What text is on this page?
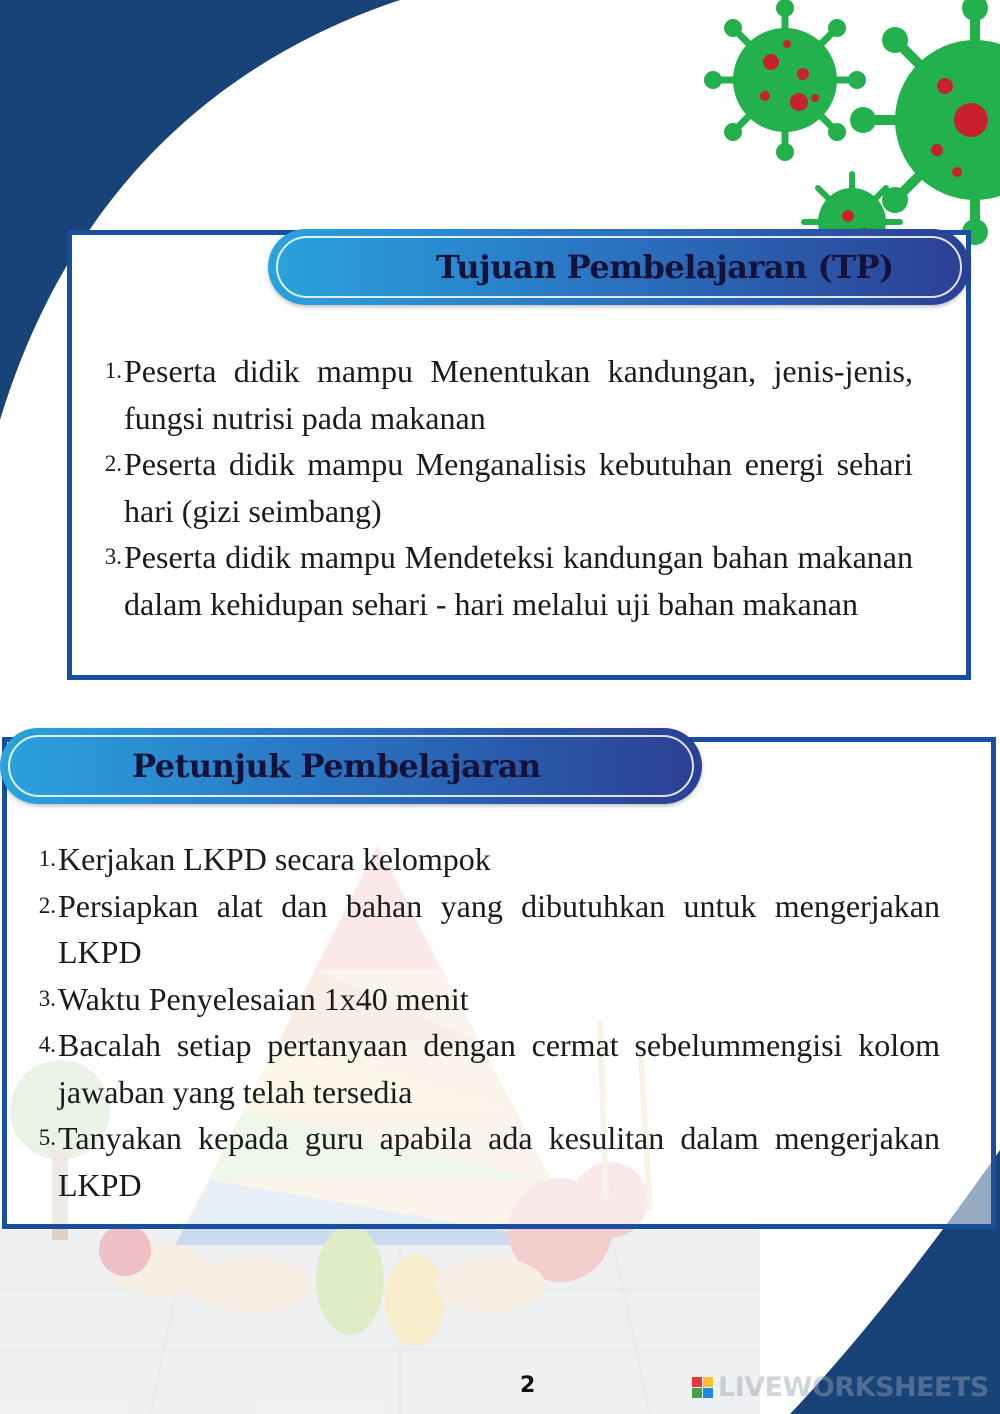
Tujuan Pembelajaran (TP)
1. Peserta didik mampu Menentukan kandungan, jenis-jenis, fungsi nutrisi pada makanan
2. Peserta didik mampu Menganalisis kebutuhan energi sehari hari (gizi seimbang)
3. Peserta didik mampu Mendeteksi kandungan bahan makanan dalam kehidupan sehari - hari melalui uji bahan makanan
Petunjuk Pembelajaran
1. Kerjakan LKPD secara kelompok
2. Persiapkan alat dan bahan yang dibutuhkan untuk mengerjakan LKPD
3. Waktu Penyelesaian 1x40 menit
4. Bacalah setiap pertanyaan dengan cermat sebelummengisi kolom jawaban yang telah tersedia
5. Tanyakan kepada guru apabila ada kesulitan dalam mengerjakan LKPD
2	LIVEWORKSHEETS
